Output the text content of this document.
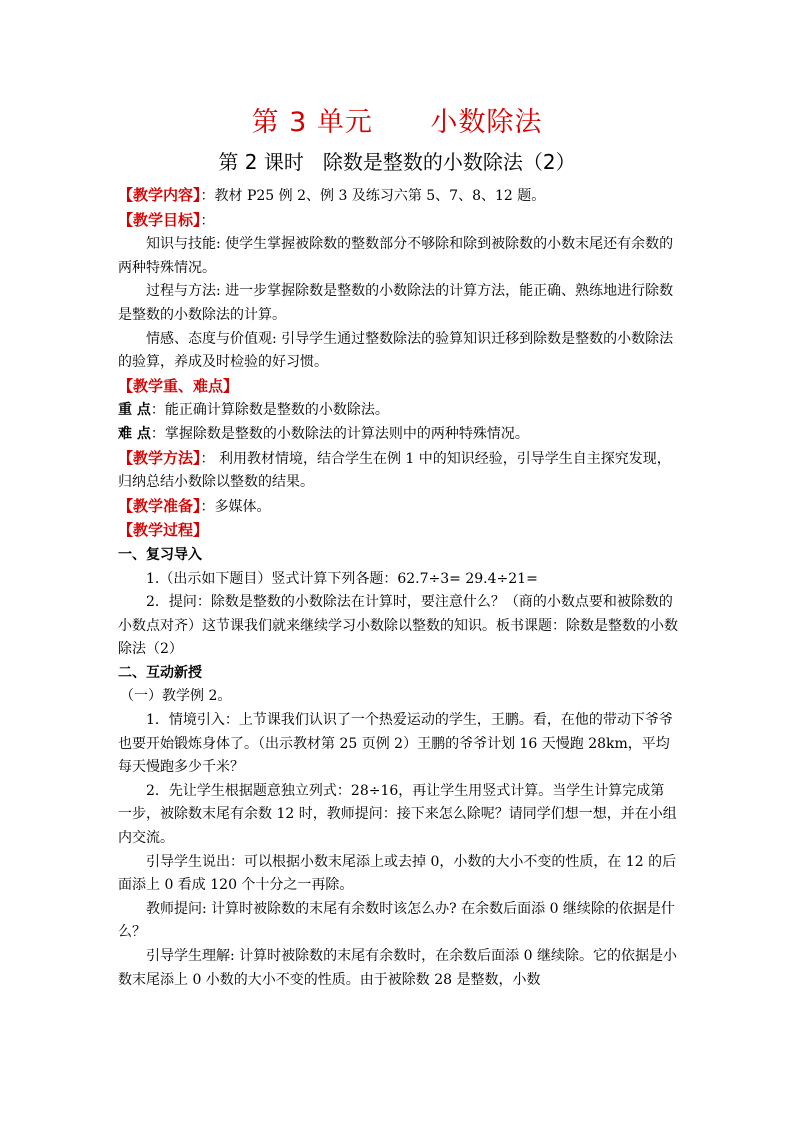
第 3 单元      小数除法
第 2 课时   除数是整数的小数除法（2）

【教学内容】：教材 P25 例 2、例 3 及练习六第 5、7、8、12 题。

【教学目标】：

知识与技能: 使学生掌握被除数的整数部分不够除和除到被除数的小数末尾还有余数的两种特殊情况。

过程与方法: 进一步掌握除数是整数的小数除法的计算方法，能正确、熟练地进行除数是整数的小数除法的计算。

情感、态度与价值观: 引导学生通过整数除法的验算知识迁移到除数是整数的小数除法的验算，养成及时检验的好习惯。

【教学重、难点】

重 点：能正确计算除数是整数的小数除法。

难 点：掌握除数是整数的小数除法的计算法则中的两种特殊情况。

【教学方法】： 利用教材情境，结合学生在例 1 中的知识经验，引导学生自主探究发现，归纳总结小数除以整数的结果。

【教学准备】：多媒体。

【教学过程】

一、复习导入

1.（出示如下题目）竖式计算下列各题：62.7÷3= 29.4÷21=

2．提问：除数是整数的小数除法在计算时，要注意什么？（商的小数点要和被除数的小数点对齐）这节课我们就来继续学习小数除以整数的知识。板书课题：除数是整数的小数除法（2）

二、互动新授

（一）教学例 2。

1．情境引入：上节课我们认识了一个热爱运动的学生，王鹏。看，在他的带动下爷爷也要开始锻炼身体了。（出示教材第 25 页例 2）王鹏的爷爷计划 16 天慢跑 28km，平均每天慢跑多少千米？

2．先让学生根据题意独立列式：28÷16，再让学生用竖式计算。当学生计算完成第一步，被除数末尾有余数 12 时，教师提问：接下来怎么除呢？请同学们想一想，并在小组内交流。

引导学生说出：可以根据小数末尾添上或去掉 0，小数的大小不变的性质，在 12 的后面添上 0 看成 120 个十分之一再除。

教师提问: 计算时被除数的末尾有余数时该怎么办? 在余数后面添 0 继续除的依据是什么？

引导学生理解: 计算时被除数的末尾有余数时，在余数后面添 0 继续除。它的依据是小数末尾添上 0 小数的大小不变的性质。由于被除数 28 是整数，小数
